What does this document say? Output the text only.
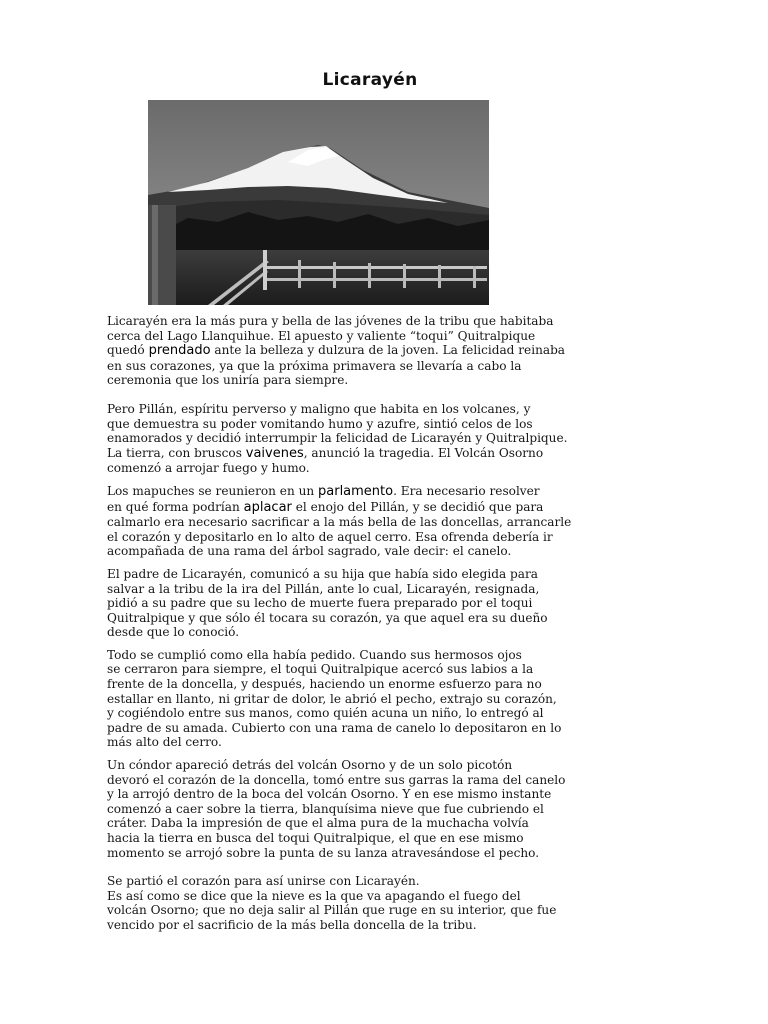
Licarayén

Licarayén era la más pura y bella de las jóvenes de la tribu que habitaba
cerca del Lago Llanquihue. El apuesto y valiente “toqui” Quitralpique
quedó prendado ante la belleza y dulzura de la joven. La felicidad reinaba
en sus corazones, ya que la próxima primavera se llevaría a cabo la
ceremonia que los uniría para siempre.

Pero Pillán, espíritu perverso y maligno que habita en los volcanes, y
que demuestra su poder vomitando humo y azufre, sintió celos de los
enamorados y decidió interrumpir la felicidad de Licarayén y Quitralpique.
La tierra, con bruscos vaivenes, anunció la tragedia. El Volcán Osorno
comenzó a arrojar fuego y humo.

Los mapuches se reunieron en un parlamento. Era necesario resolver
en qué forma podrían aplacar el enojo del Pillán, y se decidió que para
calmarlo era necesario sacrificar a la más bella de las doncellas, arrancarle
el corazón y depositarlo en lo alto de aquel cerro. Esa ofrenda debería ir
acompañada de una rama del árbol sagrado, vale decir: el canelo.

El padre de Licarayén, comunicó a su hija que había sido elegida para
salvar a la tribu de la ira del Pillán, ante lo cual, Licarayén, resignada,
pidió a su padre que su lecho de muerte fuera preparado por el toqui
Quitralpique y que sólo él tocara su corazón, ya que aquel era su dueño
desde que lo conoció.

Todo se cumplió como ella había pedido. Cuando sus hermosos ojos
se cerraron para siempre, el toqui Quitralpique acercó sus labios a la
frente de la doncella, y después, haciendo un enorme esfuerzo para no
estallar en llanto, ni gritar de dolor, le abrió el pecho, extrajo su corazón,
y cogiéndolo entre sus manos, como quién acuna un niño, lo entregó al
padre de su amada. Cubierto con una rama de canelo lo depositaron en lo
más alto del cerro.

Un cóndor apareció detrás del volcán Osorno y de un solo picotón
devoró el corazón de la doncella, tomó entre sus garras la rama del canelo
y la arrojó dentro de la boca del volcán Osorno. Y en ese mismo instante
comenzó a caer sobre la tierra, blanquísima nieve que fue cubriendo el
cráter. Daba la impresión de que el alma pura de la muchacha volvía
hacia la tierra en busca del toqui Quitralpique, el que en ese mismo
momento se arrojó sobre la punta de su lanza atravesándose el pecho.

Se partió el corazón para así unirse con Licarayén.
Es así como se dice que la nieve es la que va apagando el fuego del
volcán Osorno; que no deja salir al Pillán que ruge en su interior, que fue
vencido por el sacrificio de la más bella doncella de la tribu.
